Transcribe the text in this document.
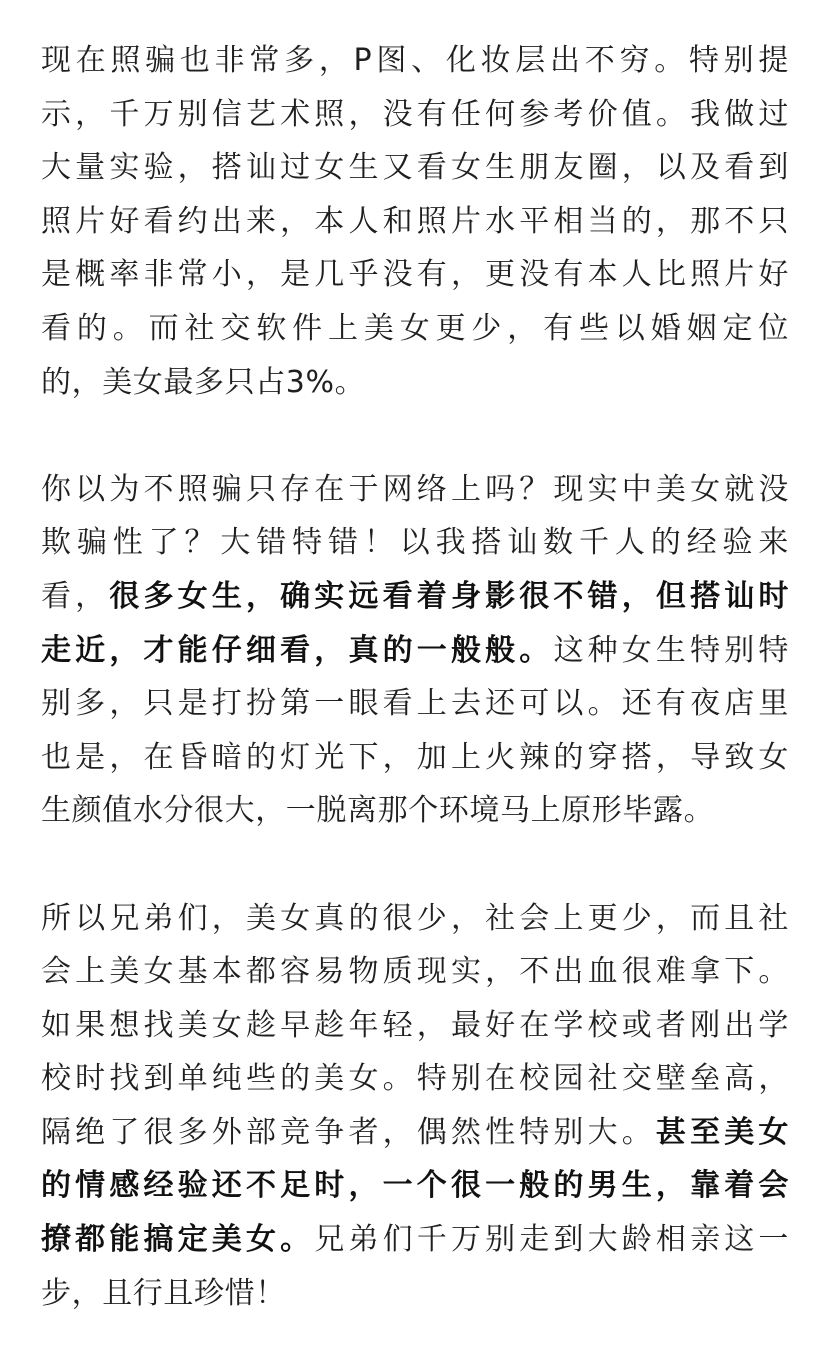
现在照骗也非常多，P图、化妆层出不穷。特别提
示，千万别信艺术照，没有任何参考价值。我做过
大量实验，搭讪过女生又看女生朋友圈，以及看到
照片好看约出来，本人和照片水平相当的，那不只
是概率非常小，是几乎没有，更没有本人比照片好
看的。而社交软件上美女更少，有些以婚姻定位
的，美女最多只占3%。

你以为不照骗只存在于网络上吗？现实中美女就没
欺骗性了？大错特错！以我搭讪数千人的经验来
看，很多女生，确实远看着身影很不错，但搭讪时
走近，才能仔细看，真的一般般。这种女生特别特
别多，只是打扮第一眼看上去还可以。还有夜店里
也是，在昏暗的灯光下，加上火辣的穿搭，导致女
生颜值水分很大，一脱离那个环境马上原形毕露。

所以兄弟们，美女真的很少，社会上更少，而且社
会上美女基本都容易物质现实，不出血很难拿下。
如果想找美女趁早趁年轻，最好在学校或者刚出学
校时找到单纯些的美女。特别在校园社交壁垒高，
隔绝了很多外部竞争者，偶然性特别大。甚至美女
的情感经验还不足时，一个很一般的男生，靠着会
撩都能搞定美女。兄弟们千万别走到大龄相亲这一
步，且行且珍惜！
